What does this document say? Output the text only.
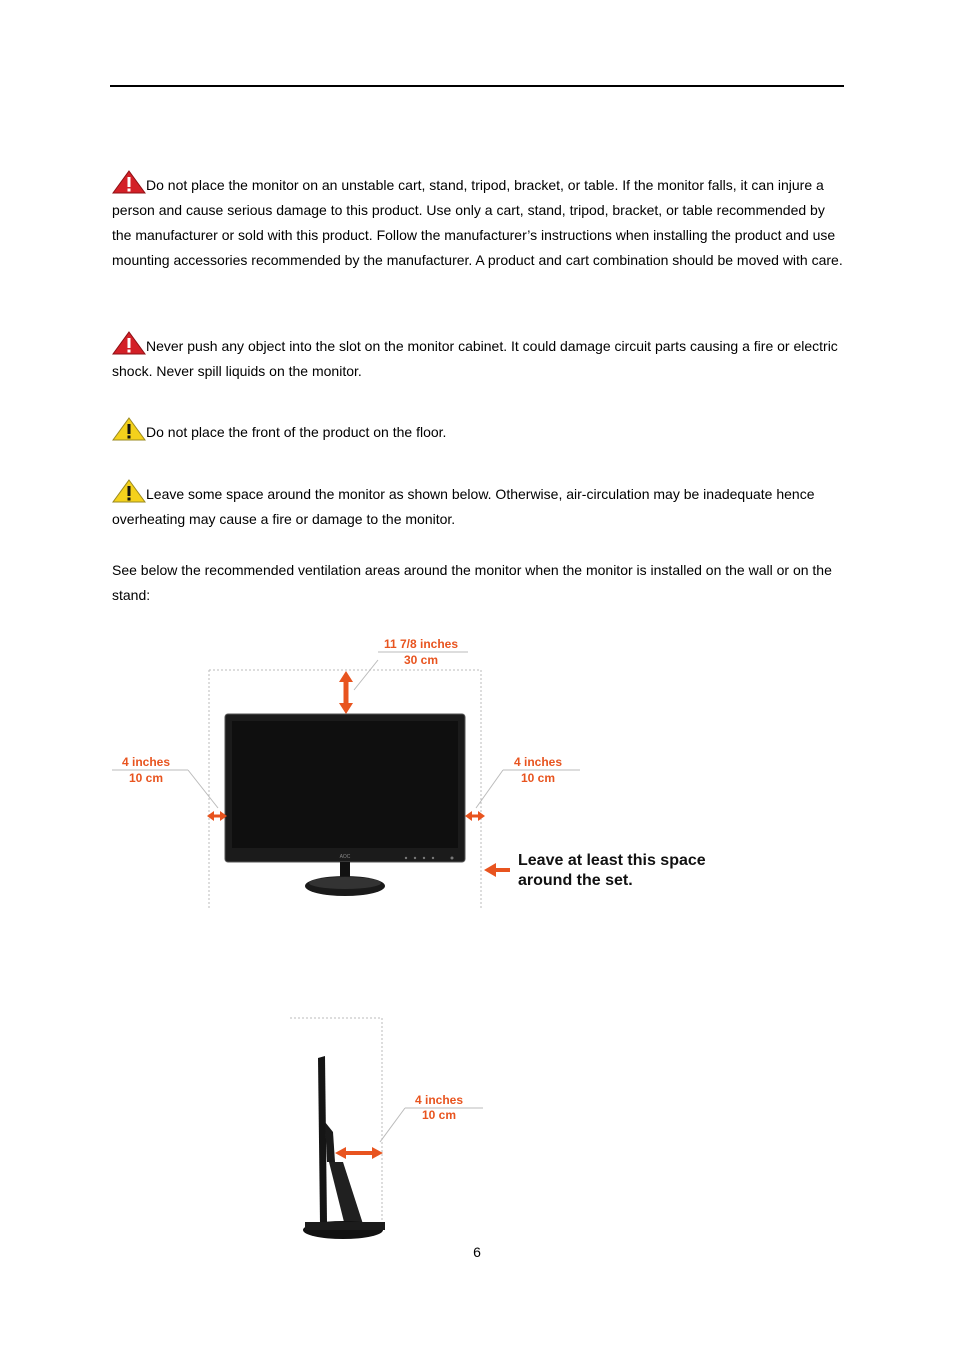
Do not place the monitor on an unstable cart, stand, tripod, bracket, or table. If the monitor falls, it can injure a person and cause serious damage to this product. Use only a cart, stand, tripod, bracket, or table recommended by the manufacturer or sold with this product. Follow the manufacturer’s instructions when installing the product and use mounting accessories recommended by the manufacturer. A product and cart combination should be moved with care.

Never push any object into the slot on the monitor cabinet. It could damage circuit parts causing a fire or electric shock. Never spill liquids on the monitor.

Do not place the front of the product on the floor.

Leave some space around the monitor as shown below. Otherwise, air-circulation may be inadequate hence overheating may cause a fire or damage to the monitor.

See below the recommended ventilation areas around the monitor when the monitor is installed on the wall or on the stand:

AOC
11 7/8 inches
30 cm
4 inches
10 cm
4 inches
10 cm
Leave at least this space
around the set.
4 inches
10 cm
6
